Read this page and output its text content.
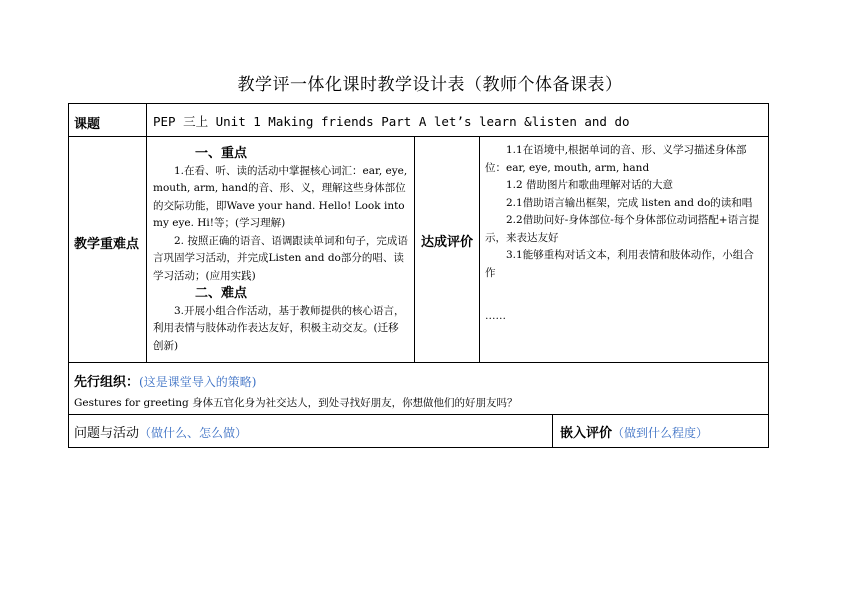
教学评一体化课时教学设计表（教师个体备课表）
课题	PEP 三上 Unit 1 Making friends Part A let’s learn &listen and do
教学重难点
一、重点

1.在看、听、读的活动中掌握核心词汇：ear, eye, mouth, arm, hand的音、形、义，理解这些身体部位的交际功能，即Wave your hand. Hello! Look into my eye. Hi!等；(学习理解)

2. 按照正确的语音、语调跟读单词和句子，完成语言巩固学习活动，并完成Listen and do部分的唱、读学习活动；(应用实践)

二、难点

3.开展小组合作活动，基于教师提供的核心语言，利用表情与肢体动作表达友好，积极主动交友。(迁移创新)

达成评价

1.1在语境中,根据单词的音、形、义学习描述身体部位：ear, eye, mouth, arm, hand

1.2 借助图片和歌曲理解对话的大意

2.1借助语言输出框架，完成 listen and do的读和唱

2.2借助问好-身体部位-每个身体部位动词搭配+语言提示，来表达友好

3.1能够重构对话文本，利用表情和肢体动作，小组合作

……

先行组织：(这是课堂导入的策略)
Gestures for greeting 身体五官化身为社交达人，到处寻找好朋友，你想做他们的好朋友吗？
问题与活动（做什么、怎么做）	嵌入评价（做到什么程度）
